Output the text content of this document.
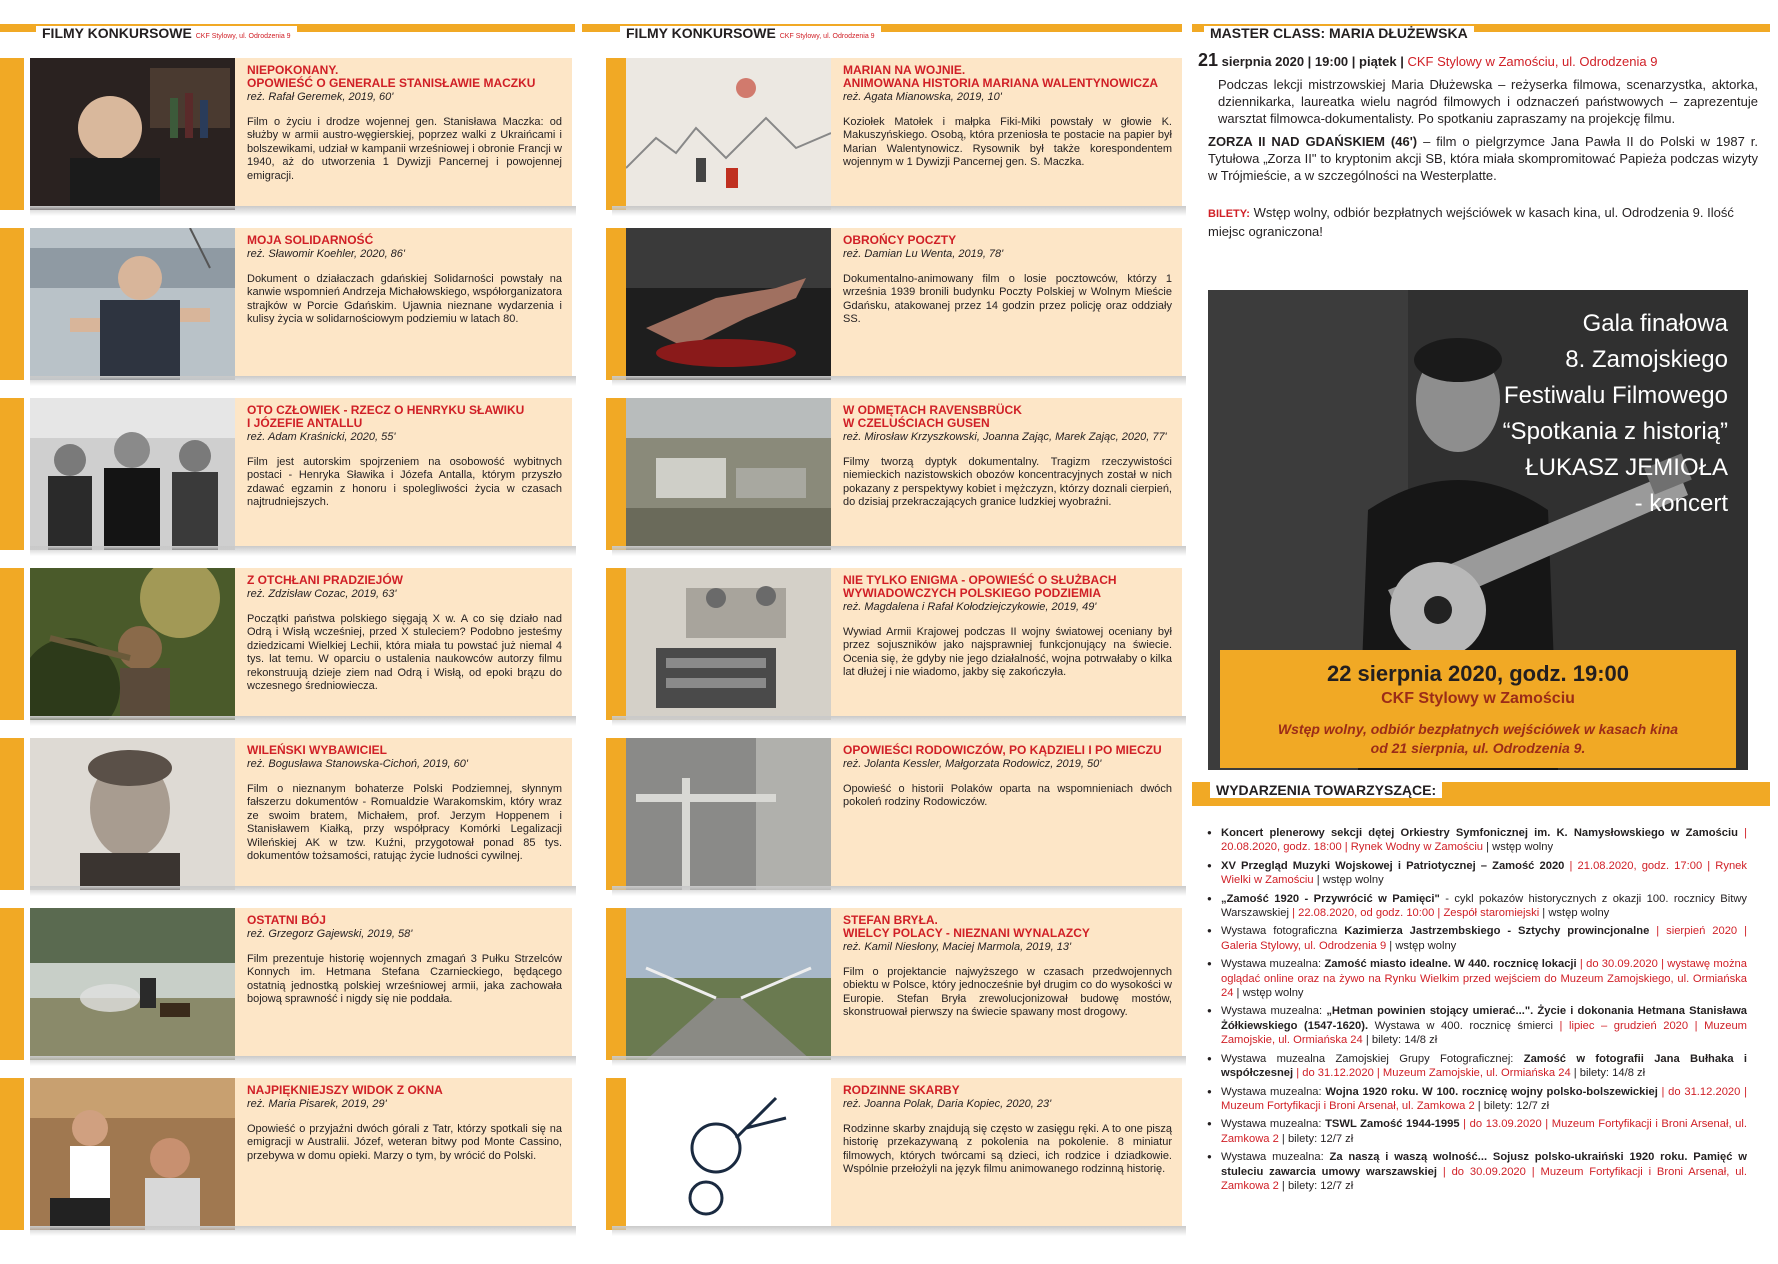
FILMY KONKURSOWE CKF Stylowy, ul. Odrodzenia 9	FILMY KONKURSOWE CKF Stylowy, ul. Odrodzenia 9	MASTER CLASS: MARIA DŁUŻEWSKA
NIEPOKONANY.
OPOWIEŚĆ O GENERALE STANISŁAWIE MACZKU
reż. Rafał Geremek, 2019, 60'
Film o życiu i drodze wojennej gen. Stanisława Maczka: od służby w armii austro-węgierskiej, poprzez walki z Ukraińcami i bolszewikami, udział w kampanii wrześniowej i obronie Francji w 1940, aż do utworzenia 1 Dywizji Pancernej i powojennej emigracji.
MOJA SOLIDARNOŚĆ
reż. Sławomir Koehler, 2020, 86'
Dokument o działaczach gdańskiej Solidarności powstały na kanwie wspomnień Andrzeja Michałowskiego, współorganizatora strajków w Porcie Gdańskim. Ujawnia nieznane wydarzenia i kulisy życia w solidarnościowym podziemiu w latach 80.
OTO CZŁOWIEK - RZECZ O HENRYKU SŁAWIKU
I JÓZEFIE ANTALLU
reż. Adam Kraśnicki, 2020, 55'
Film jest autorskim spojrzeniem na osobowość wybitnych postaci - Henryka Sławika i Józefa Antalla, którym przyszło zdawać egzamin z honoru i spolegliwości życia w czasach najtrudniejszych.
Z OTCHŁANI PRADZIEJÓW
reż. Zdzisław Cozac, 2019, 63'
Początki państwa polskiego sięgają X w. A co się działo nad Odrą i Wisłą wcześniej, przed X stuleciem? Podobno jesteśmy dziedzicami Wielkiej Lechii, która miała tu powstać już niemal 4 tys. lat temu. W oparciu o ustalenia naukowców autorzy filmu rekonstruują dzieje ziem nad Odrą i Wisłą, od epoki brązu do wczesnego średniowiecza.
WILEŃSKI WYBAWICIEL
reż. Bogusława Stanowska-Cichoń, 2019, 60'
Film o nieznanym bohaterze Polski Podziemnej, słynnym fałszerzu dokumentów - Romualdzie Warakomskim, który wraz ze swoim bratem, Michałem, prof. Jerzym Hoppenem i Stanisławem Kiałką, przy współpracy Komórki Legalizacji Wileńskiej AK w tzw. Kuźni, przygotował ponad 85 tys. dokumentów tożsamości, ratując życie ludności cywilnej.
OSTATNI BÓJ
reż. Grzegorz Gajewski, 2019, 58'
Film prezentuje historię wojennych zmagań 3 Pułku Strzelców Konnych im. Hetmana Stefana Czarnieckiego, będącego ostatnią jednostką polskiej wrześniowej armii, jaka zachowała bojową sprawność i nigdy się nie poddała.
NAJPIĘKNIEJSZY WIDOK Z OKNA
reż. Maria Pisarek, 2019, 29'
Opowieść o przyjaźni dwóch górali z Tatr, którzy spotkali się na emigracji w Australii. Józef, weteran bitwy pod Monte Cassino, przebywa w domu opieki. Marzy o tym, by wrócić do Polski.
MARIAN NA WOJNIE.
ANIMOWANA HISTORIA MARIANA WALENTYNOWICZA
reż. Agata Mianowska, 2019, 10'
Koziołek Matołek i małpka Fiki-Miki powstały w głowie K. Makuszyńskiego. Osobą, która przeniosła te postacie na papier był Marian Walentynowicz. Rysownik był także korespondentem wojennym w 1 Dywizji Pancernej gen. S. Maczka.
OBROŃCY POCZTY
reż. Damian Lu Wenta, 2019, 78'
Dokumentalno-animowany film o losie pocztowców, którzy 1 września 1939 bronili budynku Poczty Polskiej w Wolnym Mieście Gdańsku, atakowanej przez 14 godzin przez policję oraz oddziały SS.
W ODMĘTACH RAVENSBRÜCK
W CZELUŚCIACH GUSEN
reż. Mirosław Krzyszkowski, Joanna Zając, Marek Zając, 2020, 77'
Filmy tworzą dyptyk dokumentalny. Tragizm rzeczywistości niemieckich nazistowskich obozów koncentracyjnych został w nich pokazany z perspektywy kobiet i mężczyzn, którzy doznali cierpień, do dzisiaj przekraczających granice ludzkiej wyobraźni.
NIE TYLKO ENIGMA - OPOWIEŚĆ O SŁUŻBACH
WYWIADOWCZYCH POLSKIEGO PODZIEMIA
reż. Magdalena i Rafał Kołodziejczykowie, 2019, 49'
Wywiad Armii Krajowej podczas II wojny światowej oceniany był przez sojuszników jako najsprawniej funkcjonujący na świecie. Ocenia się, że gdyby nie jego działalność, wojna potrwałaby o kilka lat dłużej i nie wiadomo, jakby się zakończyła.
OPOWIEŚCI RODOWICZÓW, PO KĄDZIELI I PO MIECZU
reż. Jolanta Kessler, Małgorzata Rodowicz, 2019, 50'
Opowieść o historii Polaków oparta na wspomnieniach dwóch pokoleń rodziny Rodowiczów.
STEFAN BRYŁA.
WIELCY POLACY - NIEZNANI WYNALAZCY
reż. Kamil Niesłony, Maciej Marmola, 2019, 13'
Film o projektancie najwyższego w czasach przedwojennych obiektu w Polsce, który jednocześnie był drugim co do wysokości w Europie. Stefan Bryła zrewolucjonizował budowę mostów, skonstruował pierwszy na świecie spawany most drogowy.
RODZINNE SKARBY
reż. Joanna Polak, Daria Kopiec, 2020, 23'
Rodzinne skarby znajdują się często w zasięgu ręki. A to one piszą historię przekazywaną z pokolenia na pokolenie. 8 miniatur filmowych, których twórcami są dzieci, ich rodzice i dziadkowie. Wspólnie przełożyli na język filmu animowanego rodzinną historię.
21 sierpnia 2020 | 19:00 | piątek | CKF Stylowy w Zamościu, ul. Odrodzenia 9
Podczas lekcji mistrzowskiej Maria Dłużewska – reżyserka filmowa, scenarzystka, aktorka, dziennikarka, laureatka wielu nagród filmowych i odznaczeń państwowych – zaprezentuje warsztat filmowca-dokumentalisty. Po spotkaniu zapraszamy na projekcję filmu.
ZORZA II NAD GDAŃSKIEM (46') – film o pielgrzymce Jana Pawła II do Polski w 1987 r. Tytułowa „Zorza II" to kryptonim akcji SB, która miała skompromitować Papieża podczas wizyty w Trójmieście, a w szczególności na Westerplatte.
BILETY: Wstęp wolny, odbiór bezpłatnych wejściówek w kasach kina, ul. Odrodzenia 9. Ilość miejsc ograniczona!
Gala finałowa
8. Zamojskiego
Festiwalu Filmowego
“Spotkania z historią”
ŁUKASZ JEMIOŁA
- koncert
22 sierpnia 2020, godz. 19:00
CKF Stylowy w Zamościu
Wstęp wolny, odbiór bezpłatnych wejściówek w kasach kina
od 21 sierpnia, ul. Odrodzenia 9.
WYDARZENIA TOWARZYSZĄCE:
● Koncert plenerowy sekcji dętej Orkiestry Symfonicznej im. K. Namysłowskiego w Zamościu | 20.08.2020, godz. 18:00 | Rynek Wodny w Zamościu | wstęp wolny
● XV Przegląd Muzyki Wojskowej i Patriotycznej – Zamość 2020 | 21.08.2020, godz. 17:00 | Rynek Wielki w Zamościu | wstęp wolny
● „Zamość 1920 - Przywrócić w Pamięci" - cykl pokazów historycznych z okazji 100. rocznicy Bitwy Warszawskiej | 22.08.2020, od godz. 10:00 | Zespół staromiejski | wstęp wolny
● Wystawa fotograficzna Kazimierza Jastrzembskiego - Sztychy prowincjonalne | sierpień 2020 | Galeria Stylowy, ul. Odrodzenia 9 | wstęp wolny
● Wystawa muzealna: Zamość miasto idealne. W 440. rocznicę lokacji | do 30.09.2020 | wystawę można oglądać online oraz na żywo na Rynku Wielkim przed wejściem do Muzeum Zamojskiego, ul. Ormiańska 24 | wstęp wolny
● Wystawa muzealna: „Hetman powinien stojący umierać...". Życie i dokonania Hetmana Stanisława Żółkiewskiego (1547-1620). Wystawa w 400. rocznicę śmierci | lipiec – grudzień 2020 | Muzeum Zamojskie, ul. Ormiańska 24 | bilety: 14/8 zł
● Wystawa muzealna Zamojskiej Grupy Fotograficznej: Zamość w fotografii Jana Bułhaka i współczesnej | do 31.12.2020 | Muzeum Zamojskie, ul. Ormiańska 24 | bilety: 14/8 zł
● Wystawa muzealna: Wojna 1920 roku. W 100. rocznicę wojny polsko-bolszewickiej | do 31.12.2020 | Muzeum Fortyfikacji i Broni Arsenał, ul. Zamkowa 2 | bilety: 12/7 zł
● Wystawa muzealna: TSWL Zamość 1944-1995 | do 13.09.2020 | Muzeum Fortyfikacji i Broni Arsenał, ul. Zamkowa 2 | bilety: 12/7 zł
● Wystawa muzealna: Za naszą i waszą wolność... Sojusz polsko-ukraiński 1920 roku. Pamięć w stuleciu zawarcia umowy warszawskiej | do 30.09.2020 | Muzeum Fortyfikacji i Broni Arsenał, ul. Zamkowa 2 | bilety: 12/7 zł
